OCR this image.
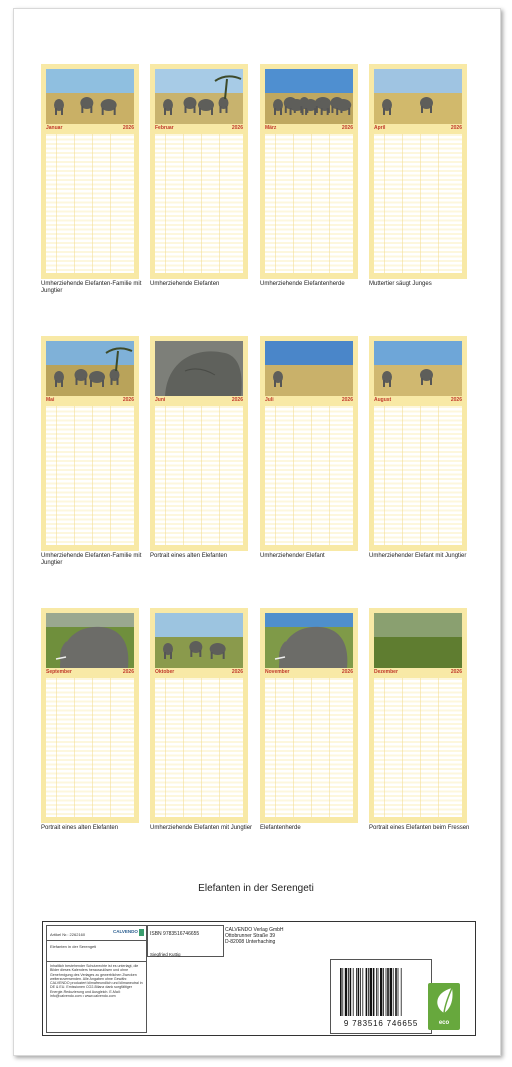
Januar	2026
Umherziehende Elefanten-Familie mit Jungtier
Februar	2026
Umherziehende Elefanten
März	2026
Umherziehende Elefantenherde
April	2026
Muttertier säugt Junges
Mai	2026
Umherziehende Elefanten-Familie mit Jungtier
Juni	2026
Portrait eines alten Elefanten
Juli	2026
Umherziehender Elefant
August	2026
Umherziehender Elefant mit Jungtier
September	2026
Portrait eines alten Elefanten
Oktober	2026
Umherziehende Elefanten mit Jungtier
November	2026
Elefantenherde
Dezember	2026
Portrait eines Elefanten beim Fressen
Elefanten in der Serengeti
Artikel Nr.: 2262160
CALVENDO
Elefanten in der Serengeti
Inhaltlich bestehender Schutzrechte ist es unterlagt, die Bilder dieses Kalenders herauszulösen und ohne Genehmigung des Verlages zu gewerblichen Zwecken weiterzuverwenden. Alle Angaben ohne Gewähr. CALVENDO produziert klimafreundlich und klimaneutral in DE & EU. Emissionen CO2-Bilanz dank sorgfältiger Energie-Reduzierung und Ausgleich. E-Mail: info@calvendo.com • www.calvendo.com
ISBN 9783516746655
Siegfried Kuttig
CALVENDO Verlag GmbH
Ottobrunner Straße 39
D-82008 Unterhaching
9 783516 746655	eco
